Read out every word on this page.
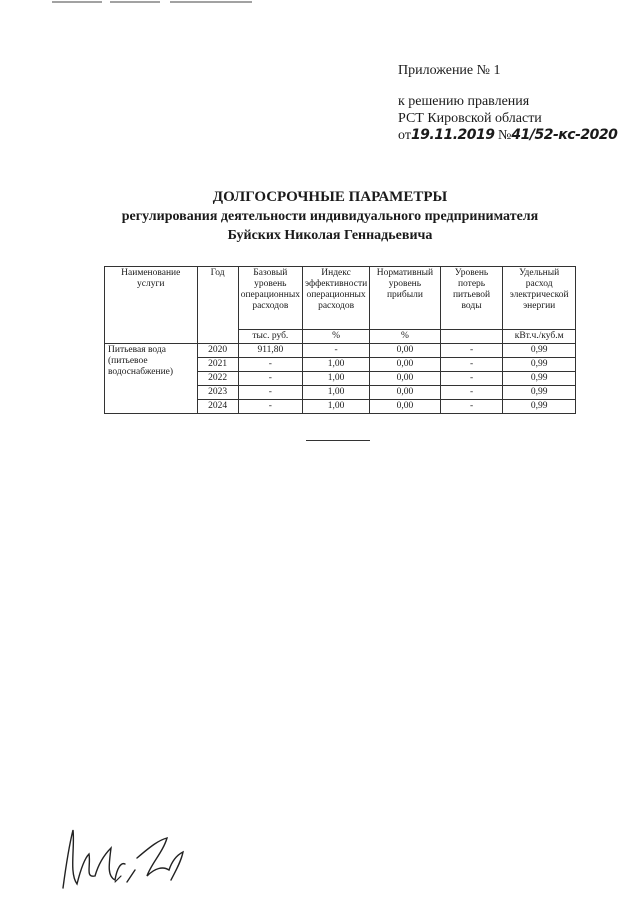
Приложение № 1
к решению правления
РСТ Кировской области
от19.11.2019 №41/52-кс-2020
ДОЛГОСРОЧНЫЕ ПАРАМЕТРЫ
регулирования деятельности индивидуального предпринимателя
Буйских Николая Геннадьевича
Наименование услуги	Год	Базовый уровень операционных расходов	Индекс эффективности операционных расходов	Нормативный уровень прибыли	Уровень потерь питьевой воды	Удельный расход электрической энергии
		тыс. руб.	%	%		кВт.ч./куб.м
Питьевая вода (питьевое водоснабжение)	2020	911,80	-	0,00	-	0,99
	2021	-	1,00	0,00	-	0,99
	2022	-	1,00	0,00	-	0,99
	2023	-	1,00	0,00	-	0,99
	2024	-	1,00	0,00	-	0,99
